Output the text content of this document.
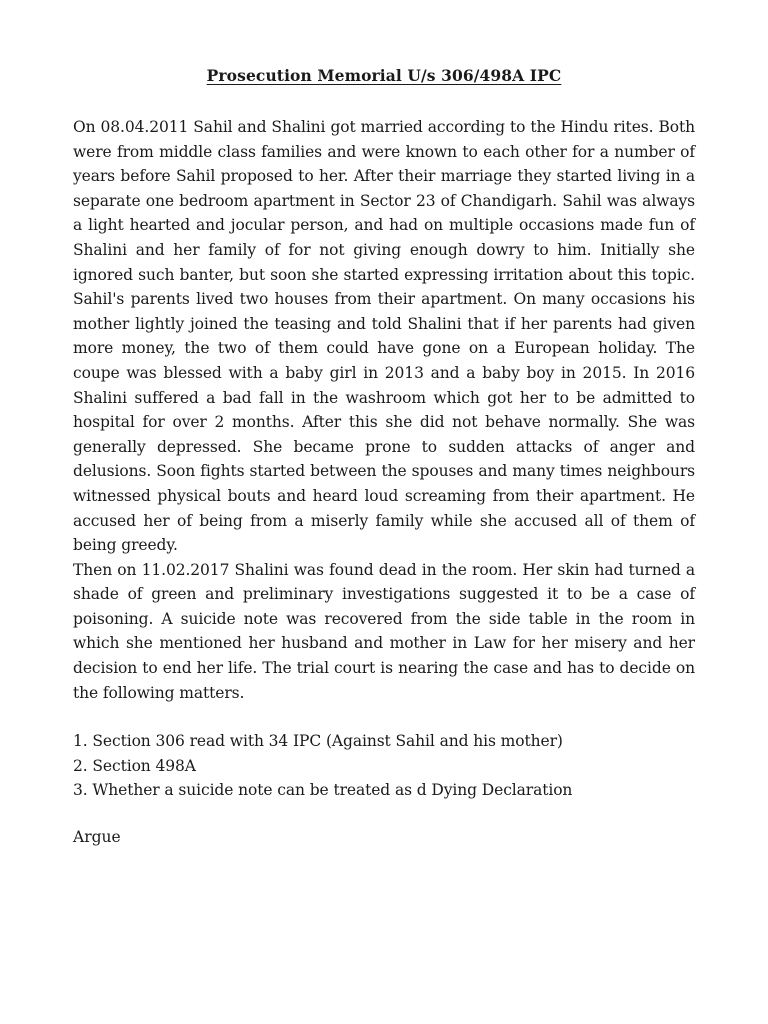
Prosecution Memorial U/s 306/498A IPC

On 08.04.2011 Sahil and Shalini got married according to the Hindu rites. Both were from middle class families and were known to each other for a number of years before Sahil proposed to her. After their marriage they started living in a separate one bedroom apartment in Sector 23 of Chandigarh. Sahil was always a light hearted and jocular person, and had on multiple occasions made fun of Shalini and her family of for not giving enough dowry to him. Initially she ignored such banter, but soon she started expressing irritation about this topic. Sahil's parents lived two houses from their apartment. On many occasions his mother lightly joined the teasing and told Shalini that if her parents had given more money, the two of them could have gone on a European holiday. The coupe was blessed with a baby girl in 2013 and a baby boy in 2015. In 2016 Shalini suffered a bad fall in the washroom which got her to be admitted to hospital for over 2 months. After this she did not behave normally. She was generally depressed. She became prone to sudden attacks of anger and delusions. Soon fights started between the spouses and many times neighbours witnessed physical bouts and heard loud screaming from their apartment. He accused her of being from a miserly family while she accused all of them of being greedy.

Then on 11.02.2017 Shalini was found dead in the room. Her skin had turned a shade of green and preliminary investigations suggested it to be a case of poisoning. A suicide note was recovered from the side table in the room in which she mentioned her husband and mother in Law for her misery and her decision to end her life. The trial court is nearing the case and has to decide on the following matters.

1. Section 306 read with 34 IPC (Against Sahil and his mother)
2. Section 498A
3. Whether a suicide note can be treated as d Dying Declaration

Argue
